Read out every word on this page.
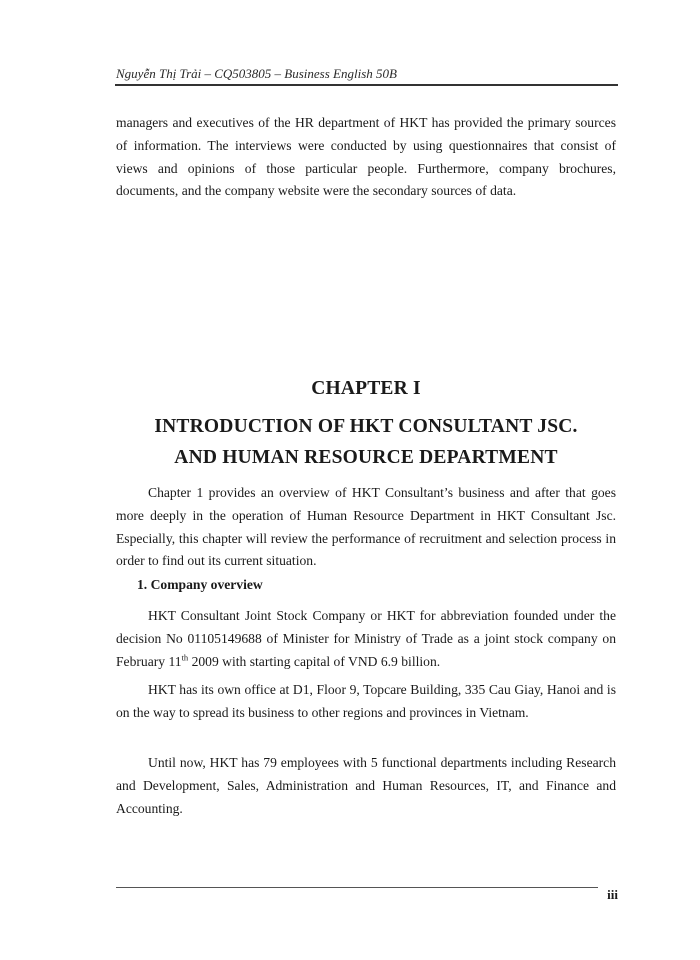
Nguyễn Thị Trải – CQ503805 – Business English 50B

managers and executives of the HR department of HKT has provided the primary sources of information. The interviews were conducted by using questionnaires that consist of views and opinions of those particular people. Furthermore, company brochures, documents, and the company website were the secondary sources of data.

CHAPTER I
INTRODUCTION OF HKT CONSULTANT JSC.
AND HUMAN RESOURCE DEPARTMENT

Chapter 1 provides an overview of HKT Consultant’s business and after that goes more deeply in the operation of Human Resource Department in HKT Consultant Jsc. Especially, this chapter will review the performance of recruitment and selection process in order to find out its current situation.

1. Company overview

HKT Consultant Joint Stock Company or HKT for abbreviation founded under the decision No 01105149688 of Minister for Ministry of Trade as a joint stock company on February 11th 2009 with starting capital of VND 6.9 billion.

HKT has its own office at D1, Floor 9, Topcare Building, 335 Cau Giay, Hanoi and is on the way to spread its business to other regions and provinces in Vietnam.

Until now, HKT has 79 employees with 5 functional departments including Research and Development, Sales, Administration and Human Resources, IT, and Finance and Accounting.

iii
